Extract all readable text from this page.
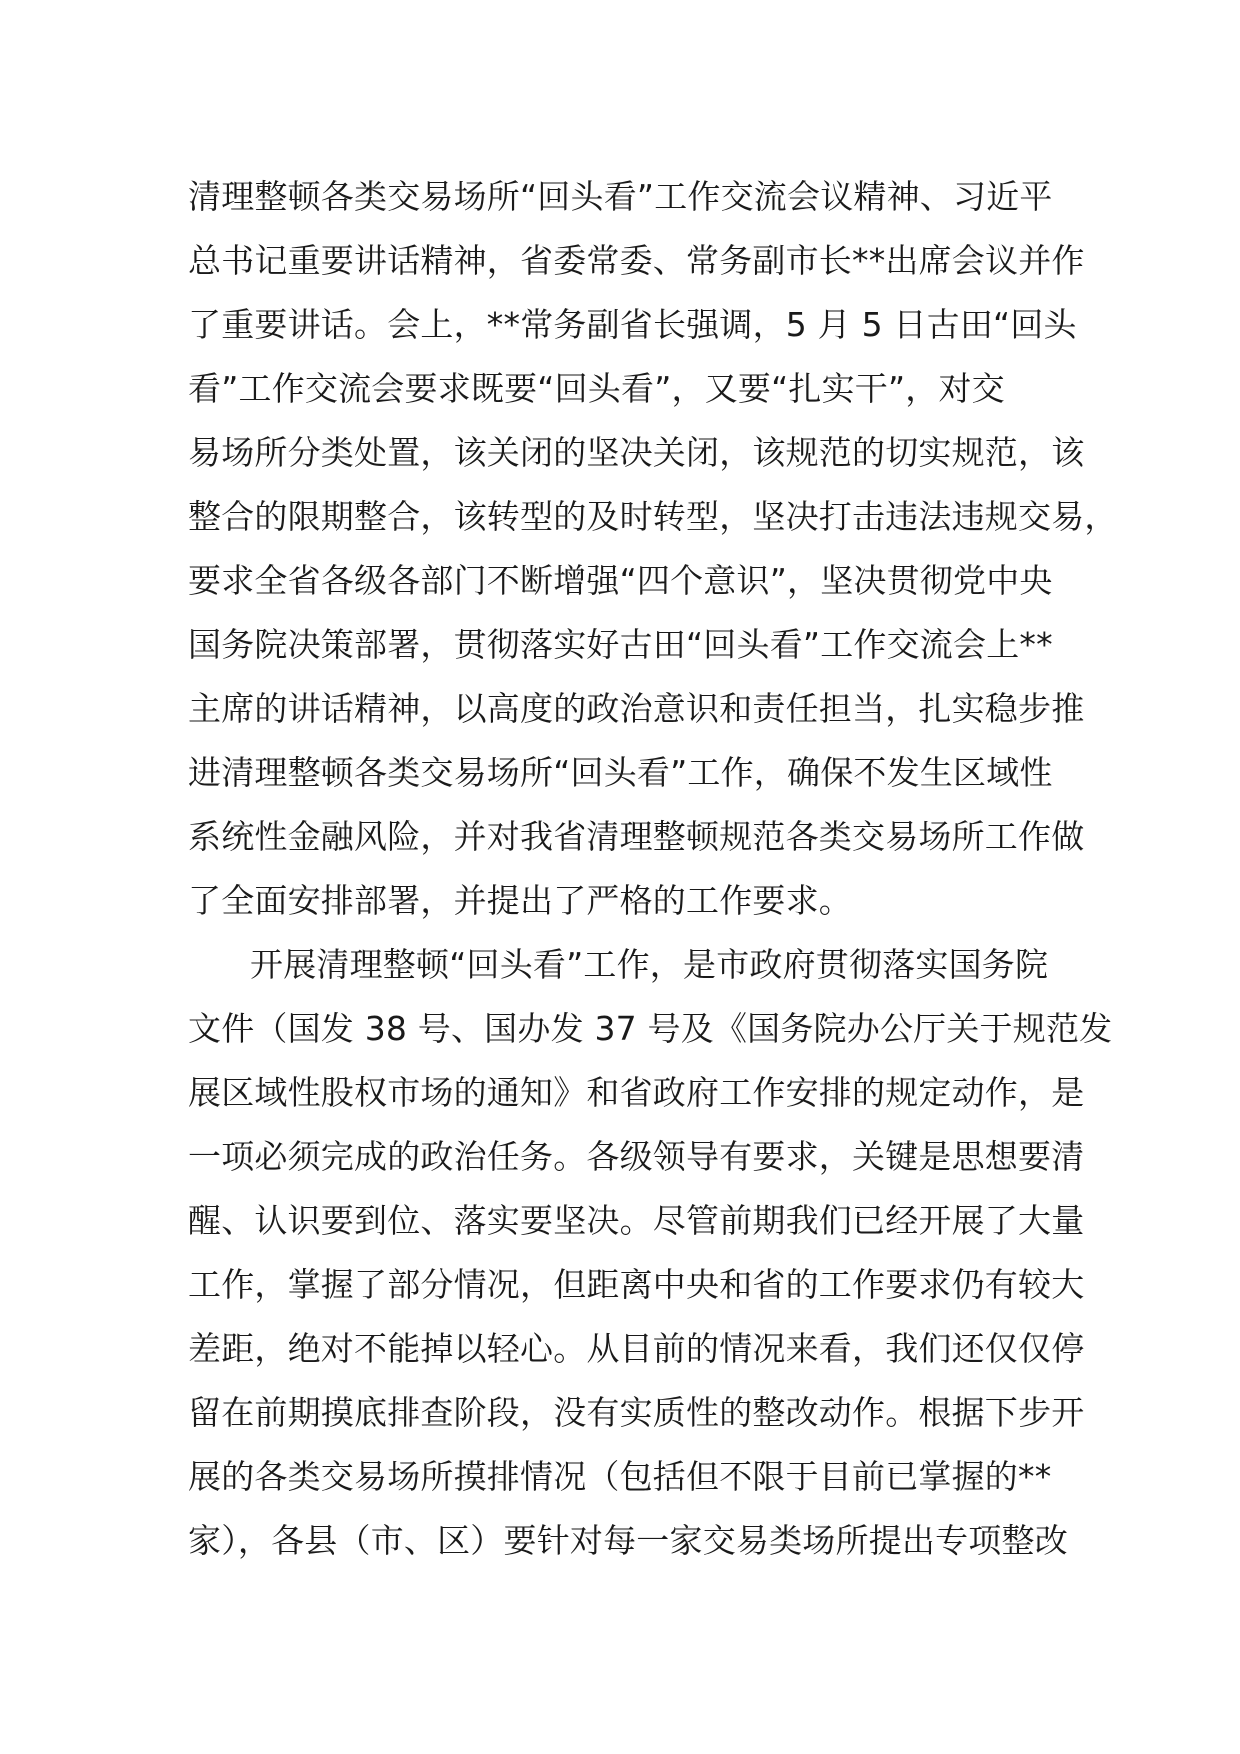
清理整顿各类交易场所“回头看”工作交流会议精神、习近平
总书记重要讲话精神，省委常委、常务副市长**出席会议并作
了重要讲话。会上，**常务副省长强调，5 月 5 日古田“回头
看”工作交流会要求既要“回头看”，又要“扎实干”，对交
易场所分类处置，该关闭的坚决关闭，该规范的切实规范，该
整合的限期整合，该转型的及时转型，坚决打击违法违规交易，
要求全省各级各部门不断增强“四个意识”，坚决贯彻党中央
国务院决策部署，贯彻落实好古田“回头看”工作交流会上**
主席的讲话精神，以高度的政治意识和责任担当，扎实稳步推
进清理整顿各类交易场所“回头看”工作，确保不发生区域性
系统性金融风险，并对我省清理整顿规范各类交易场所工作做
了全面安排部署，并提出了严格的工作要求。
开展清理整顿“回头看”工作，是市政府贯彻落实国务院
文件（国发 38 号、国办发 37 号及《国务院办公厅关于规范发
展区域性股权市场的通知》和省政府工作安排的规定动作，是
一项必须完成的政治任务。各级领导有要求，关键是思想要清
醒、认识要到位、落实要坚决。尽管前期我们已经开展了大量
工作，掌握了部分情况，但距离中央和省的工作要求仍有较大
差距，绝对不能掉以轻心。从目前的情况来看，我们还仅仅停
留在前期摸底排查阶段，没有实质性的整改动作。根据下步开
展的各类交易场所摸排情况（包括但不限于目前已掌握的**
家），各县（市、区）要针对每一家交易类场所提出专项整改
